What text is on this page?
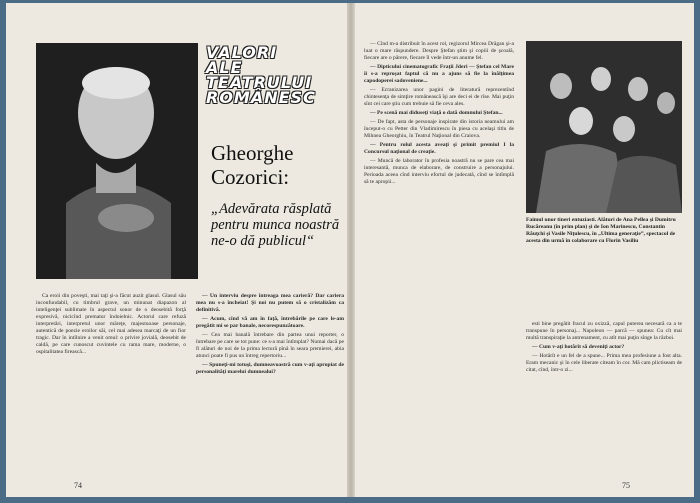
VALORI
ALE
TEATRULUI
ROMÂNESC
Gheorghe
Cozorici:
„Adevărata răsplată pentru munca noastră ne-o dă publicul“

Ca eroii din poveşti, mai taţi şi-a făcut auzit glasul. Glasul său inconfundabil, cu timbrul grave, un minunat diapazon al inteligenţei sublimate în aspectul sonor de o deosebită forţă expresivă, nicicînd prematur îndoielnic. Actorul care refuză interpretări, interpretul unor măreţe, majestuoase personaje, autentică de poezie eroilor săi, cel mai adesea marcaţi de un fior tragic. Dar în intîlnire a venit omul: o privire jovială, deosebit de caldă, pe care cunoscut cuvintele cu rama mare, moderne, o ospitalitatea firească...

— Un interviu despre întreaga mea carieră? Dar cariera mea nu s-a încheiat! Şi noi nu putem să o cristalizăm ca definitivă.

— Acum, cînd vă am în faţă, întrebările pe care le-am pregătit mi se par banale, necorespunzătoare.

— Cea mai banală întrebare din partea unui reporter, o întrebare pe care se tot pune: ce s-a mai întîmplat? Numai dacă pe fi alături de noi de la prima lectură pînă în seara premierei, abia atunci poate fi pus un întreg repertoriu...

— Spuneţi-mi totuşi, dumneavoastră cum v-aţi apropiat de personalităţi marelui dumnealui?

74

— Cînd m-a distribuit în acest rol, regizorul Mircea Drăgan şi-a luat o mare răspundere. Despre Ştefan ştim şi copiii de şcoală, fiecare are o părere, fiecare îl vede într-un anume fel.

— Dipticului cinematografic Fraţii Jderi — Ştefan cel Mare îi s-a reproşat faptul că nu a ajuns să fie la înălţimea capodoperei sadoveniene...

— Ecranizarea unor pagini de literatură reprezentînd chintesenţa de simţire românească îşi are deci ei de rîse. Mai puţin sînt cei care ştiu cum trebuie să fie ceva ales.

— Pe scenă mai diduseţi viaţă o dată domnului Ştefan...

— De fapt, asta de personaje inspirate din istoria neamului am început-o cu Petter din Vladimirescu în piesa cu acelaşi titlu de Mihnea Gheorghiu, în Teatrul Naţional din Craiova.

— Pentru rolul acesta aveaţi şi primit premiul I la Concursul naţional de creaţie.

— Muncă de laborator în profesia noastră nu se pare cea mai interesantă, munca de elaborare, de construire a personajului. Perioada aceea cînd interviu efortul de judecată, cînd se întîmplă să te apropii...

Faimul unor tineri entuziasti. Alături de Ana Pellea şi Dumitru Rucăreanu (în prim plan) şi de Ion Marinescu, Constantin Răuţchi şi Vasile Niţulescu, în „Ultima generaţie”, spectacol de acesta din urmă în colaborare cu Florin Vasiliu

esti bine pregătit fracul zu oxizză, capul puterea necesară ca a te transpune în personaj... Napoleon — parcă — spunea: Cu cît mai multă transpiraţie la antrenament, cu atît mai puţin sînge la război.

— Cum v-aţi hotărît să deveniţi actor?

— Hotărît e un fel de a spune... Prima mea profesiune a fost alta. Eram mecanic şi în cele liberate citeam în cor. Mă cam plictiseam de citat, cînd, într-o zi...

75
